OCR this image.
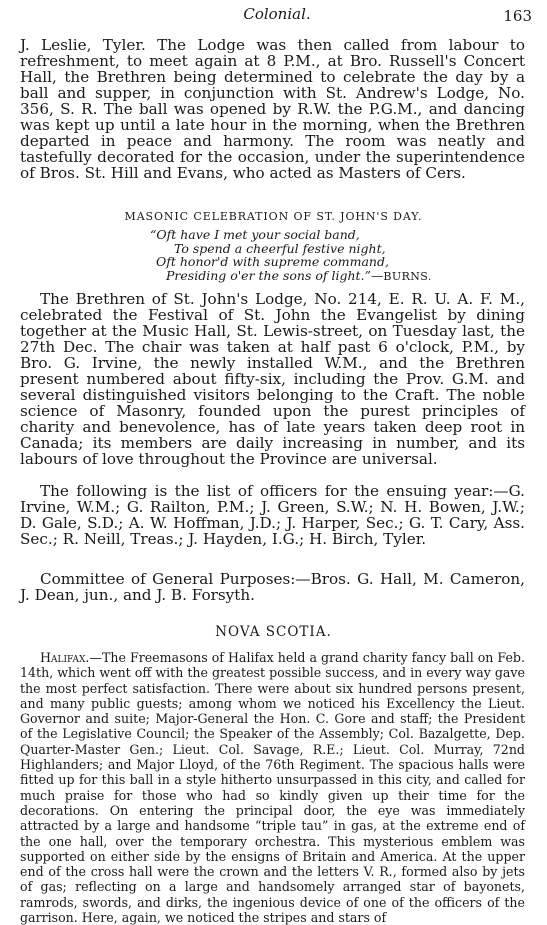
Colonial.	163

J. Leslie, Tyler. The Lodge was then called from labour to refreshment, to meet again at 8 P.M., at Bro. Russell's Concert Hall, the Brethren being determined to celebrate the day by a ball and supper, in conjunction with St. Andrew's Lodge, No. 356, S. R. The ball was opened by R.W. the P.G.M., and dancing was kept up until a late hour in the morning, when the Brethren departed in peace and harmony. The room was neatly and tastefully decorated for the occasion, under the superintendence of Bros. St. Hill and Evans, who acted as Masters of Cers.

MASONIC CELEBRATION OF ST. JOHN'S DAY.

“Oft have I met your social band,
To spend a cheerful festive night,
Oft honor'd with supreme command,
Presiding o'er the sons of light.”—BURNS.

The Brethren of St. John's Lodge, No. 214, E. R. U. A. F. M., celebrated the Festival of St. John the Evangelist by dining together at the Music Hall, St. Lewis-street, on Tuesday last, the 27th Dec. The chair was taken at half past 6 o'clock, P.M., by Bro. G. Irvine, the newly installed W.M., and the Brethren present numbered about fifty-six, including the Prov. G.M. and several distinguished visitors belonging to the Craft. The noble science of Masonry, founded upon the purest principles of charity and benevolence, has of late years taken deep root in Canada; its members are daily increasing in number, and its labours of love throughout the Province are universal.

The following is the list of officers for the ensuing year:—G. Irvine, W.M.; G. Railton, P.M.; J. Green, S.W.; N. H. Bowen, J.W.; D. Gale, S.D.; A. W. Hoffman, J.D.; J. Harper, Sec.; G. T. Cary, Ass. Sec.; R. Neill, Treas.; J. Hayden, I.G.; H. Birch, Tyler.

Committee of General Purposes:—Bros. G. Hall, M. Cameron, J. Dean, jun., and J. B. Forsyth.

NOVA SCOTIA.

Halifax.—The Freemasons of Halifax held a grand charity fancy ball on Feb. 14th, which went off with the greatest possible success, and in every way gave the most perfect satisfaction. There were about six hundred persons present, and many public guests; among whom we noticed his Excellency the Lieut. Governor and suite; Major-General the Hon. C. Gore and staff; the President of the Legislative Council; the Speaker of the Assembly; Col. Bazalgette, Dep. Quarter-Master Gen.; Lieut. Col. Savage, R.E.; Lieut. Col. Murray, 72nd Highlanders; and Major Lloyd, of the 76th Regiment. The spacious halls were fitted up for this ball in a style hitherto unsurpassed in this city, and called for much praise for those who had so kindly given up their time for the decorations. On entering the principal door, the eye was immediately attracted by a large and handsome “triple tau” in gas, at the extreme end of the one hall, over the temporary orchestra. This mysterious emblem was supported on either side by the ensigns of Britain and America. At the upper end of the cross hall were the crown and the letters V. R., formed also by jets of gas; reflecting on a large and handsomely arranged star of bayonets, ramrods, swords, and dirks, the ingenious device of one of the officers of the garrison. Here, again, we noticed the stripes and stars of
